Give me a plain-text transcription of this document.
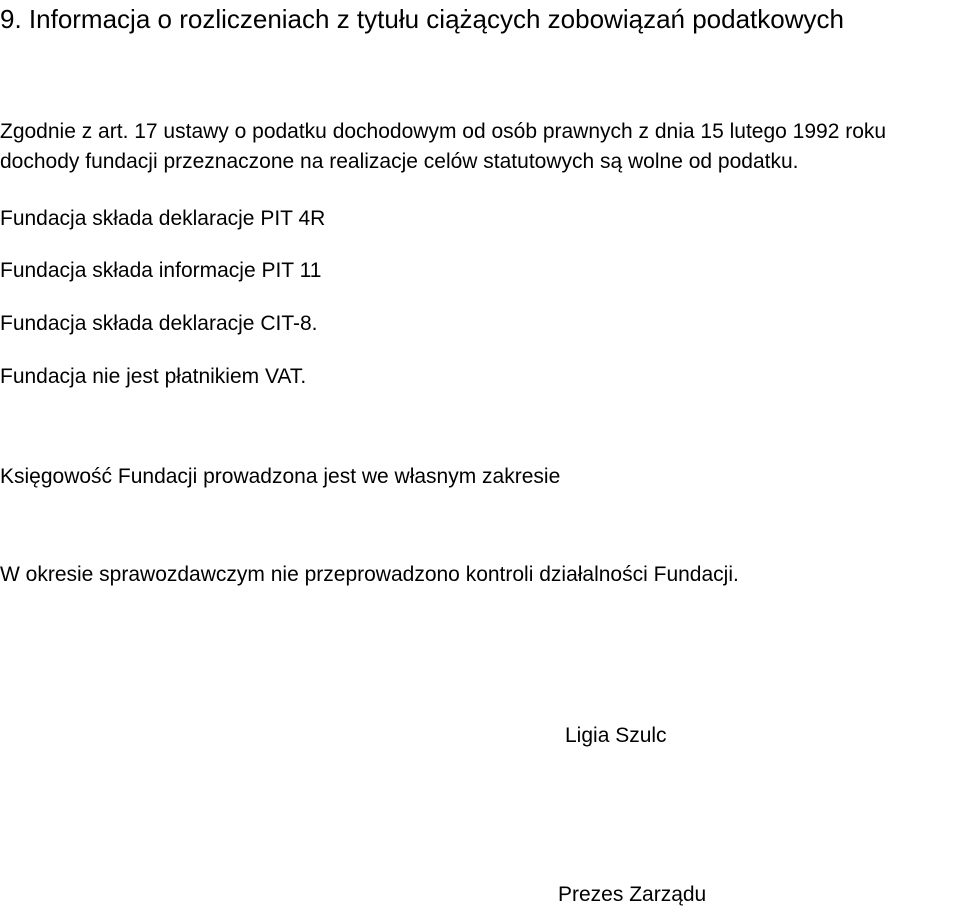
9. Informacja o rozliczeniach z tytułu ciążących zobowiązań podatkowych

Zgodnie z art. 17 ustawy o podatku dochodowym od osób prawnych z dnia 15 lutego 1992 roku dochody fundacji przeznaczone na realizacje celów statutowych są wolne od podatku.

Fundacja składa deklaracje PIT 4R

Fundacja składa informacje PIT 11

Fundacja składa deklaracje CIT-8.

Fundacja nie jest płatnikiem VAT.

Księgowość Fundacji prowadzona jest we własnym zakresie

W okresie sprawozdawczym nie przeprowadzono kontroli działalności Fundacji.

Ligia Szulc

Prezes Zarządu
